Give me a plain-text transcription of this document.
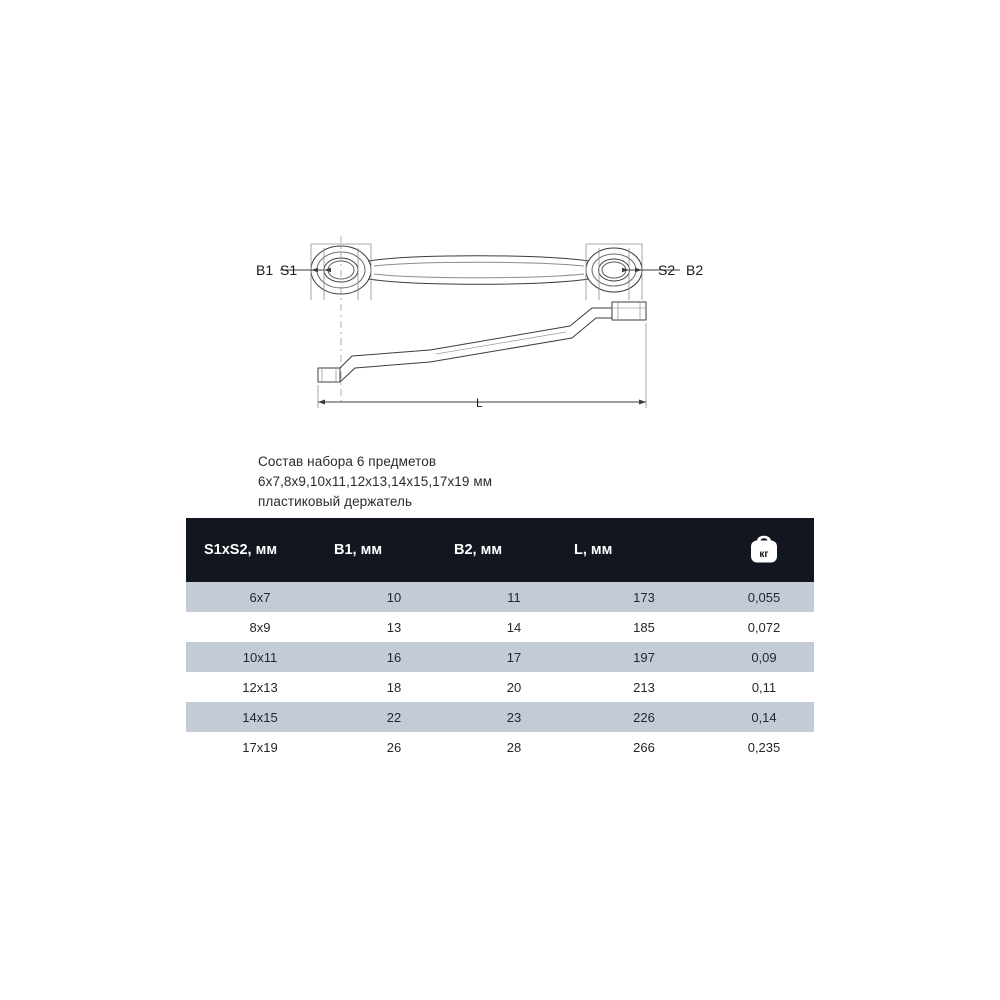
B1 S1	S2 B2
L
Состав набора 6 предметов
6x7,8x9,10x11,12x13,14x15,17x19 мм
пластиковый держатель
S1xS2, мм	B1, мм	B2, мм	L, мм	кг

6x7	10	11	173	0,055
8x9	13	14	185	0,072
10x11	16	17	197	0,09
12x13	18	20	213	0,11
14x15	22	23	226	0,14
17x19	26	28	266	0,235
